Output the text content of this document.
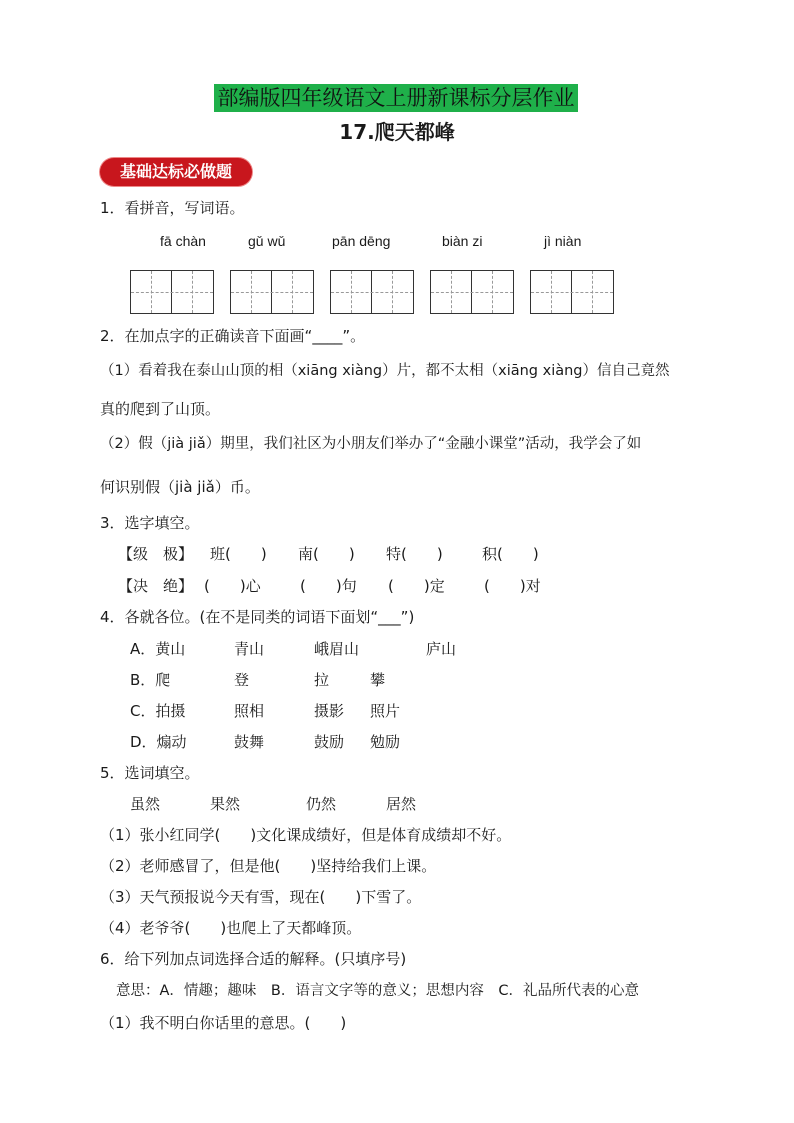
部编版四年级语文上册新课标分层作业
17.爬天都峰
基础达标必做题
1．看拼音，写词语。
fā chàn	gǔ wǔ	pān dēng	biàn zi	jì niàn
2．在加点字的正确读音下面画“____”。
（1）看着我在泰山山顶的相（xiāng xiàng）片，都不太相（xiāng xiàng）信自己竟然
真的爬到了山顶。
（2）假（jià jiǎ）期里，我们社区为小朋友们举办了“金融小课堂”活动，我学会了如
何识别假（jià jiǎ）币。
3．选字填空。
【级　极】 班(　　) 南(　　) 特(　　)	积(　　)
【决　绝】 (　　)心	(　　)句 (　　)定	(　　)对
4．各就各位。(在不是同类的词语下面划“___”)
A．黄山	青山	峨眉山	庐山
B．爬	登	拉	攀
C．拍摄	照相	摄影 照片
D．煽动	鼓舞	鼓励 勉励
5．选词填空。
虽然	果然	仍然	居然
（1）张小红同学(　　)文化课成绩好，但是体育成绩却不好。
（2）老师感冒了，但是他(　　)坚持给我们上课。
（3）天气预报说今天有雪，现在(　　)下雪了。
（4）老爷爷(　　)也爬上了天都峰顶。
6．给下列加点词选择合适的解释。(只填序号)
意思：A．情趣；趣味　B．语言文字等的意义；思想内容　C．礼品所代表的心意
（1）我不明白你话里的意思。(　　)
